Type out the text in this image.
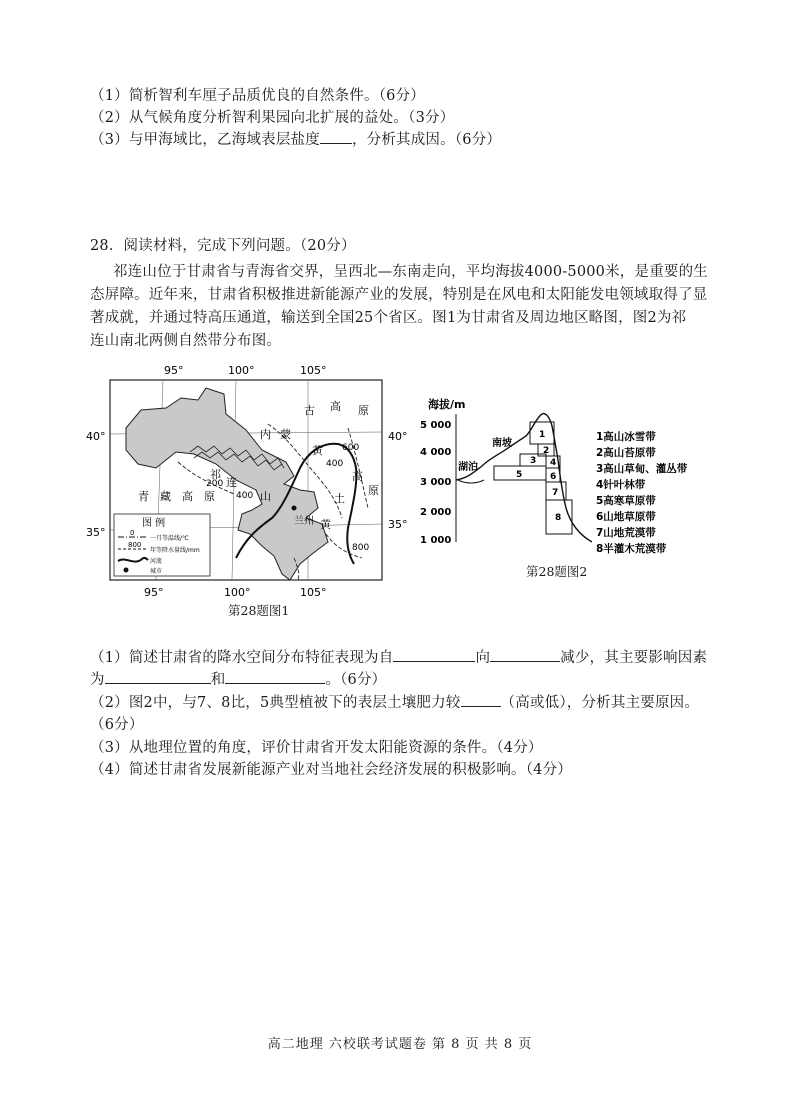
（1）简析智利车厘子品质优良的自然条件。（6分）
（2）从气候角度分析智利果园向北扩展的益处。（3分）
（3）与甲海域比，乙海域表层盐度 ，分析其成因。（6分）
28．阅读材料，完成下列问题。（20分）
祁连山位于甘肃省与青海省交界，呈西北—东南走向，平均海拔4000-5000米，是重要的生
态屏障。近年来，甘肃省积极推进新能源产业的发展，特别是在风电和太阳能发电领域取得了显
著成就，并通过特高压通道，输送到全国25个省区。图1为甘肃省及周边地区略图，图2为祁
连山南北两侧自然带分布图。
95°	100°	105°
40°	40°
35°
35°
95°	100°	105°
内 蒙
古 高 原
祁
连
山
青 藏 高 原
黄
黄
土
高
原
兰州
200
400
400
600
800
图 例
0
一月等温线/℃
800
年等降水量线/mm
河流
城市
第28题图1
海拔/m
5 000
4 000
3 000
2 000
1 000
湖泊
南坡
1
2
3 4
5	6
7
8
1高山冰雪带
2高山苔原带
3高山草甸、灌丛带
4针叶林带
5高寒草原带
6山地草原带
7山地荒漠带
8半灌木荒漠带
第28题图2
（1）简述甘肃省的降水空间分布特征表现为自	向	减少，其主要影响因素
为	和	。（6分）
（2）图2中，与7、8比，5典型植被下的表层土壤肥力较	（高或低），分析其主要原因。
（6分）
（3）从地理位置的角度，评价甘肃省开发太阳能资源的条件。（4分）
（4）简述甘肃省发展新能源产业对当地社会经济发展的积极影响。（4分）
高二地理 六校联考试题卷 第 8 页 共 8 页
